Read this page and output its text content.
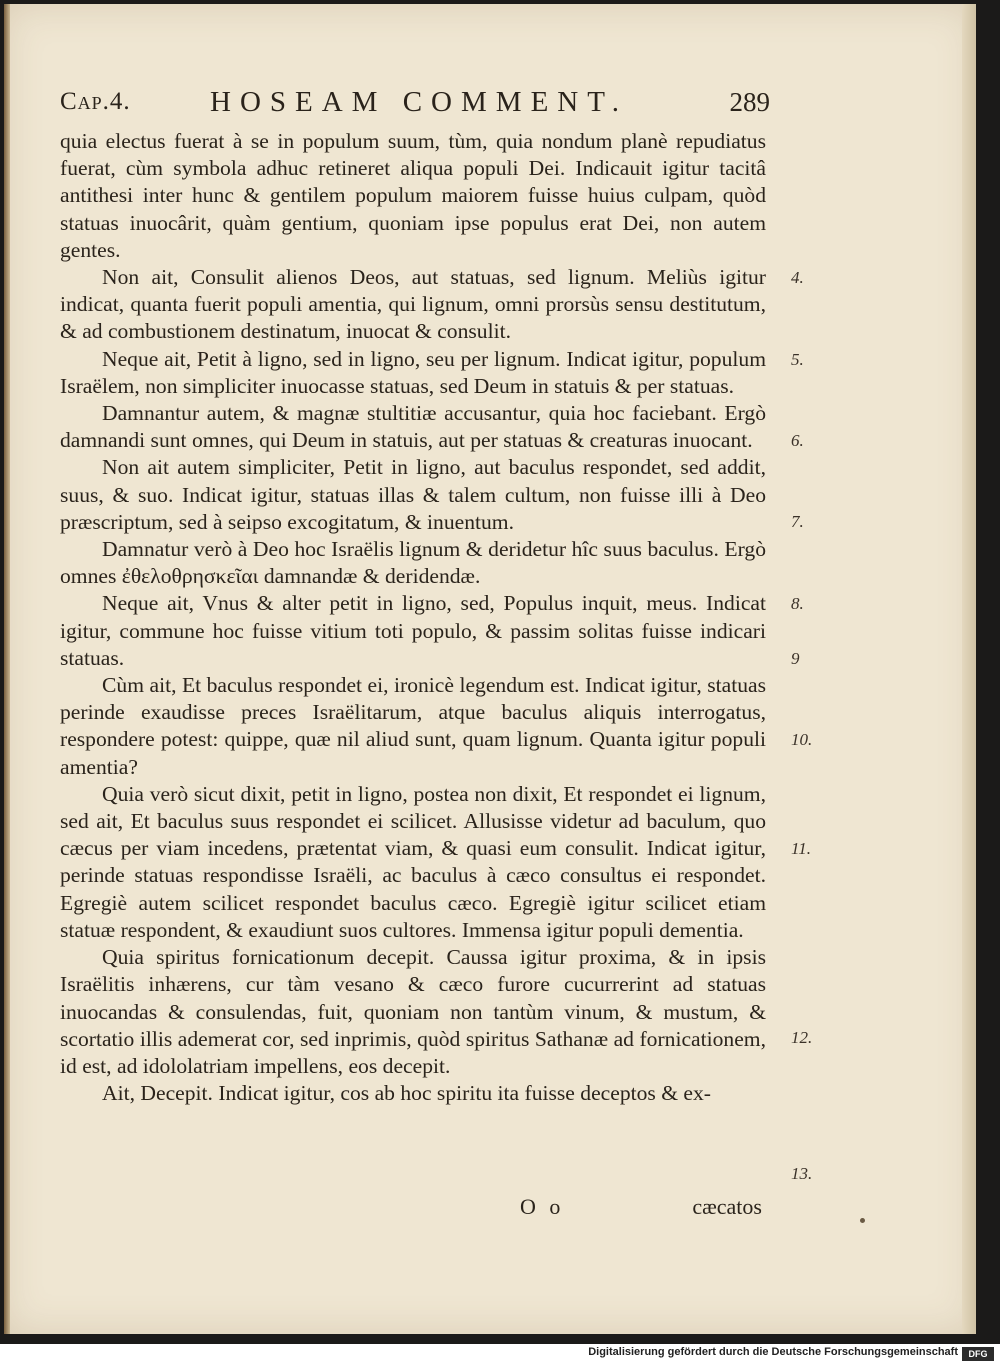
Cap.4.	HOSEAM COMMENT.	289

quia electus fuerat à se in populum suum, tùm, quia nondum planè repudiatus fuerat, cùm symbola adhuc retineret aliqua populi Dei. Indicauit igitur tacitâ antithesi inter hunc & gentilem populum maiorem fuisse huius culpam, quòd statuas inuocârit, quàm gentium, quoniam ipse populus erat Dei, non autem gentes.

Non ait, Consulit alienos Deos, aut statuas, sed lignum. Meliùs igitur indicat, quanta fuerit populi amentia, qui lignum, omni prorsùs sensu destitutum, & ad combustionem destinatum, inuocat & consulit.

Neque ait, Petit à ligno, sed in ligno, seu per lignum. Indicat igitur, populum Israëlem, non simpliciter inuocasse statuas, sed Deum in statuis & per statuas.

Damnantur autem, & magnæ stultitiæ accusantur, quia hoc faciebant. Ergò damnandi sunt omnes, qui Deum in statuis, aut per statuas & creaturas inuocant.

Non ait autem simpliciter, Petit in ligno, aut baculus respondet, sed addit, suus, & suo. Indicat igitur, statuas illas & talem cultum, non fuisse illi à Deo præscriptum, sed à seipso excogitatum, & inuentum.

Damnatur verò à Deo hoc Israëlis lignum & deridetur hîc suus baculus. Ergò omnes ἐθελοθρησκεῖαι damnandæ & deridendæ.

Neque ait, Vnus & alter petit in ligno, sed, Populus inquit, meus. Indicat igitur, commune hoc fuisse vitium toti populo, & passim solitas fuisse indicari statuas.

Cùm ait, Et baculus respondet ei, ironicè legendum est. Indicat igitur, statuas perinde exaudisse preces Israëlitarum, atque baculus aliquis interrogatus, respondere potest: quippe, quæ nil aliud sunt, quam lignum. Quanta igitur populi amentia?

Quia verò sicut dixit, petit in ligno, postea non dixit, Et respondet ei lignum, sed ait, Et baculus suus respondet ei scilicet. Allusisse videtur ad baculum, quo cæcus per viam incedens, prætentat viam, & quasi eum consulit. Indicat igitur, perinde statuas respondisse Israëli, ac baculus à cæco consultus ei respondet. Egregiè autem scilicet respondet baculus cæco. Egregiè igitur scilicet etiam statuæ respondent, & exaudiunt suos cultores. Immensa igitur populi dementia.

Quia spiritus fornicationum decepit. Caussa igitur proxima, & in ipsis Israëlitis inhærens, cur tàm vesano & cæco furore cucurrerint ad statuas inuocandas & consulendas, fuit, quoniam non tantùm vinum, & mustum, & scortatio illis ademerat cor, sed inprimis, quòd spiritus Sathanæ ad fornicationem, id est, ad idololatriam impellens, eos decepit.

Ait, Decepit. Indicat igitur, cos ab hoc spiritu ita fuisse deceptos & ex-

4.
5.
6.
7.
8.
9
10.
11.
12.
13.
O o	cæcatos
Digitalisierung gefördert durch die Deutsche Forschungsgemeinschaft	DFG
